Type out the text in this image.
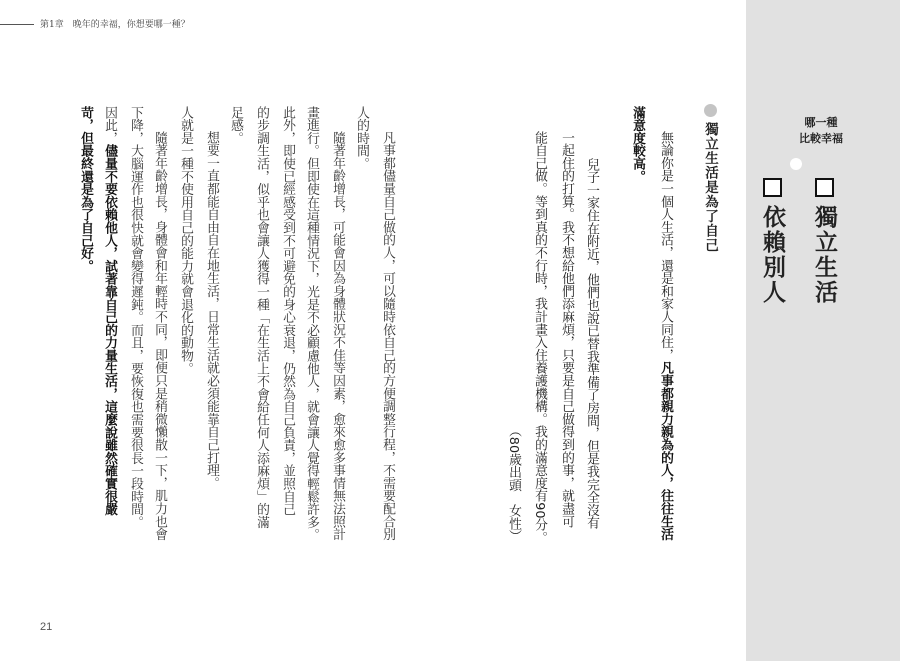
第1章　晚年的幸福，你想要哪一種？
21
哪一種
比較幸福
獨立生活
依賴別人
獨立生活是為了自己
無論你是一個人生活，還是和家人同住，凡事都親力親為的人，往往生活
滿意度較高。
兒子一家住在附近，他們也說已替我準備了房間，但是我完全沒有
一起住的打算。我不想給他們添麻煩，只要是自己做得到的事，就盡可
能自己做。等到真的不行時，我計畫入住養護機構。我的滿意度有90分。
（80歲出頭　女性）
凡事都儘量自己做的人，可以隨時依自己的方便調整行程，不需要配合別
人的時間。
隨著年齡增長，可能會因為身體狀況不佳等因素，愈來愈多事情無法照計
畫進行。但即使在這種情況下，光是不必顧慮他人，就會讓人覺得輕鬆許多。
此外，即使已經感受到不可避免的身心衰退，仍然為自己負責，並照自己
的步調生活，似乎也會讓人獲得一種「在生活上不會給任何人添麻煩」的滿
足感。
想要一直都能自由自在地生活，日常生活就必須能靠自己打理。
人就是一種不使用自己的能力就會退化的動物。
隨著年齡增長，身體會和年輕時不同，即便只是稍微懶散一下，肌力也會
下降，大腦運作也很快就會變得遲鈍。而且，要恢復也需要很長一段時間。
因此，儘量不要依賴他人，試著靠自己的力量生活，這麼說雖然確實很嚴
苛，但最終還是為了自己好。
